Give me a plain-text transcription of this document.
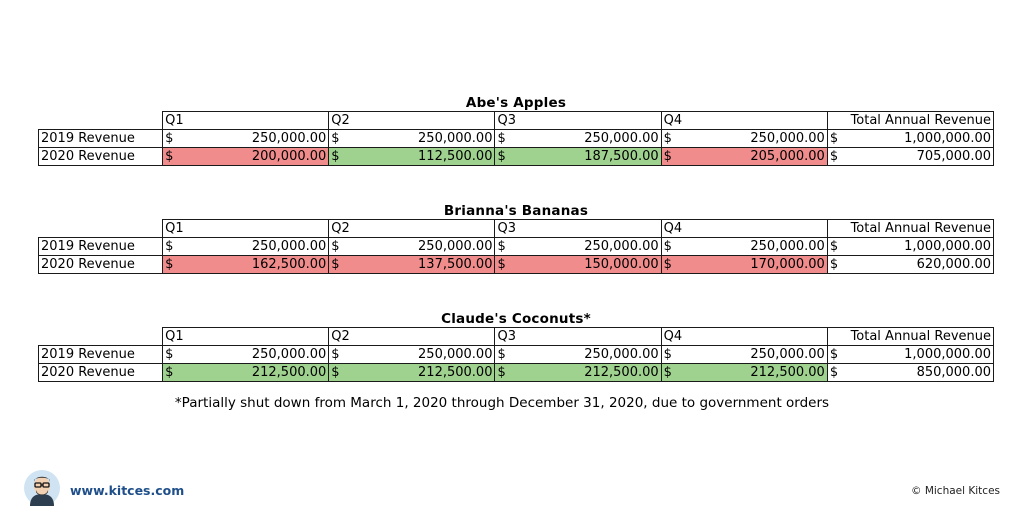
Abe's Apples
	Q1	Q2	Q3	Q4	Total Annual Revenue
2019 Revenue	$ 250,000.00	$ 250,000.00	$ 250,000.00	$ 250,000.00	$ 1,000,000.00

2020 Revenue	$ 200,000.00	$ 112,500.00	$ 187,500.00	$ 205,000.00	$ 705,000.00
Brianna's Bananas
	Q1	Q2	Q3	Q4	Total Annual Revenue
2019 Revenue	$ 250,000.00	$ 250,000.00	$ 250,000.00	$ 250,000.00	$ 1,000,000.00

2020 Revenue	$ 162,500.00	$ 137,500.00	$ 150,000.00	$ 170,000.00	$ 620,000.00
Claude's Coconuts*
	Q1	Q2	Q3	Q4	Total Annual Revenue
2019 Revenue	$ 250,000.00	$ 250,000.00	$ 250,000.00	$ 250,000.00	$ 1,000,000.00

2020 Revenue	$ 212,500.00	$ 212,500.00	$ 212,500.00	$ 212,500.00	$ 850,000.00
*Partially shut down from March 1, 2020 through December 31, 2020, due to government orders
www.kitces.com	© Michael Kitces
